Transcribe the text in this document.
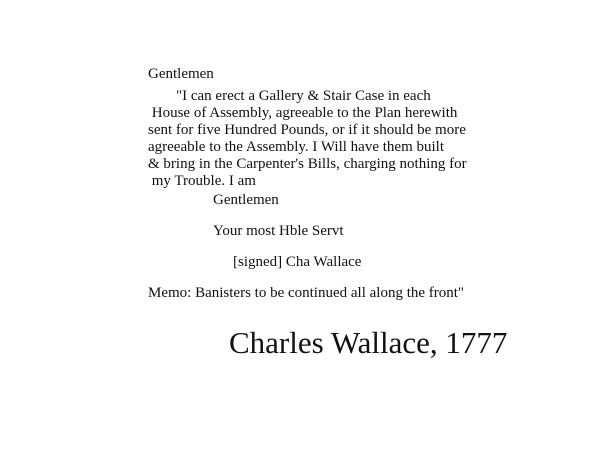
Gentlemen

"I can erect a Gallery & Stair Case in each

House of Assembly, agreeable to the Plan herewith

sent for five Hundred Pounds, or if it should be more

agreeable to the Assembly. I Will have them built

& bring in the Carpenter's Bills, charging nothing for

my Trouble. I am

Gentlemen

Your most Hble Servt

[signed] Cha Wallace

Memo: Banisters to be continued all along the front"

Charles Wallace, 1777
